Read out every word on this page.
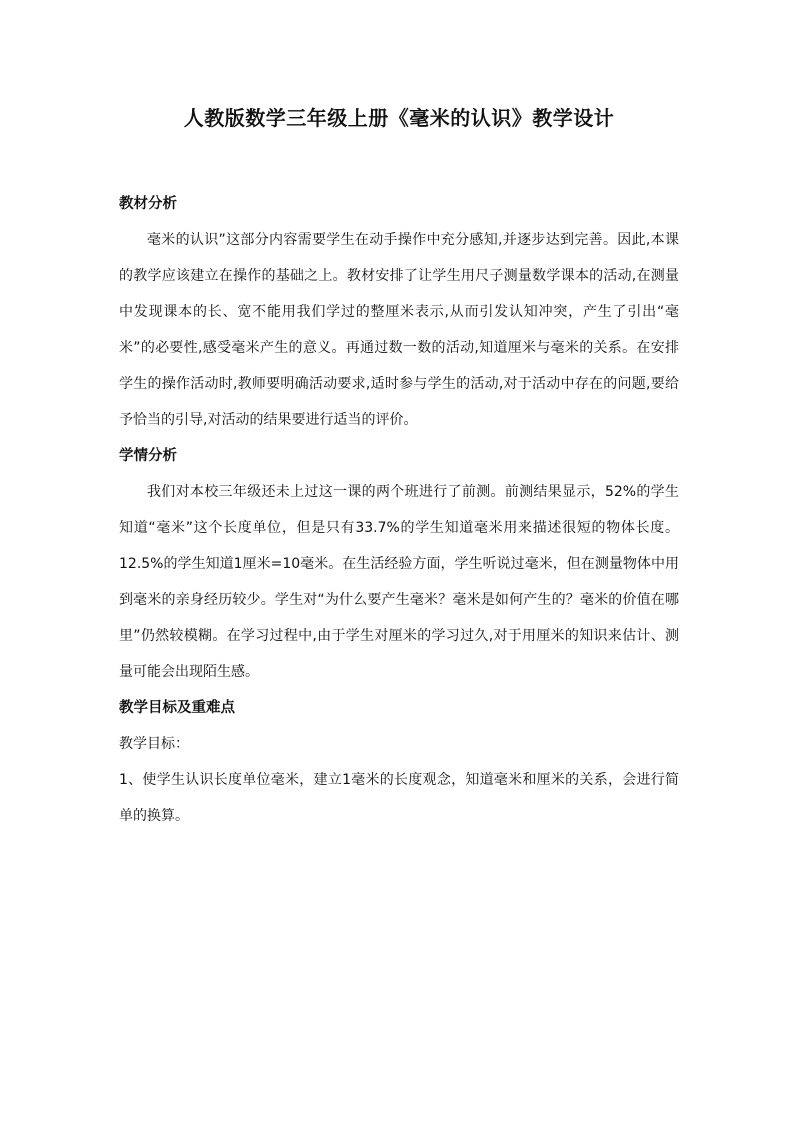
人教版数学三年级上册《毫米的认识》教学设计
教材分析

毫米的认识”这部分内容需要学生在动手操作中充分感知,并逐步达到完善。因此,本课的教学应该建立在操作的基础之上。教材安排了让学生用尺子测量数学课本的活动,在测量中发现课本的长、宽不能用我们学过的整厘米表示,从而引发认知冲突，产生了引出“毫米”的必要性,感受毫米产生的意义。再通过数一数的活动,知道厘米与毫米的关系。在安排学生的操作活动时,教师要明确活动要求,适时参与学生的活动,对于活动中存在的问题,要给予恰当的引导,对活动的结果要进行适当的评价。

学情分析

我们对本校三年级还未上过这一课的两个班进行了前测。前测结果显示，52%的学生知道“毫米”这个长度单位，但是只有33.7%的学生知道毫米用来描述很短的物体长度。12.5%的学生知道1厘米=10毫米。在生活经验方面，学生听说过毫米，但在测量物体中用到毫米的亲身经历较少。学生对“为什么要产生毫米？毫米是如何产生的？毫米的价值在哪里”仍然较模糊。在学习过程中,由于学生对厘米的学习过久,对于用厘米的知识来估计、测量可能会出现陌生感。

教学目标及重难点

教学目标：

1、使学生认识长度单位毫米，建立1毫米的长度观念，知道毫米和厘米的关系，会进行简单的换算。
